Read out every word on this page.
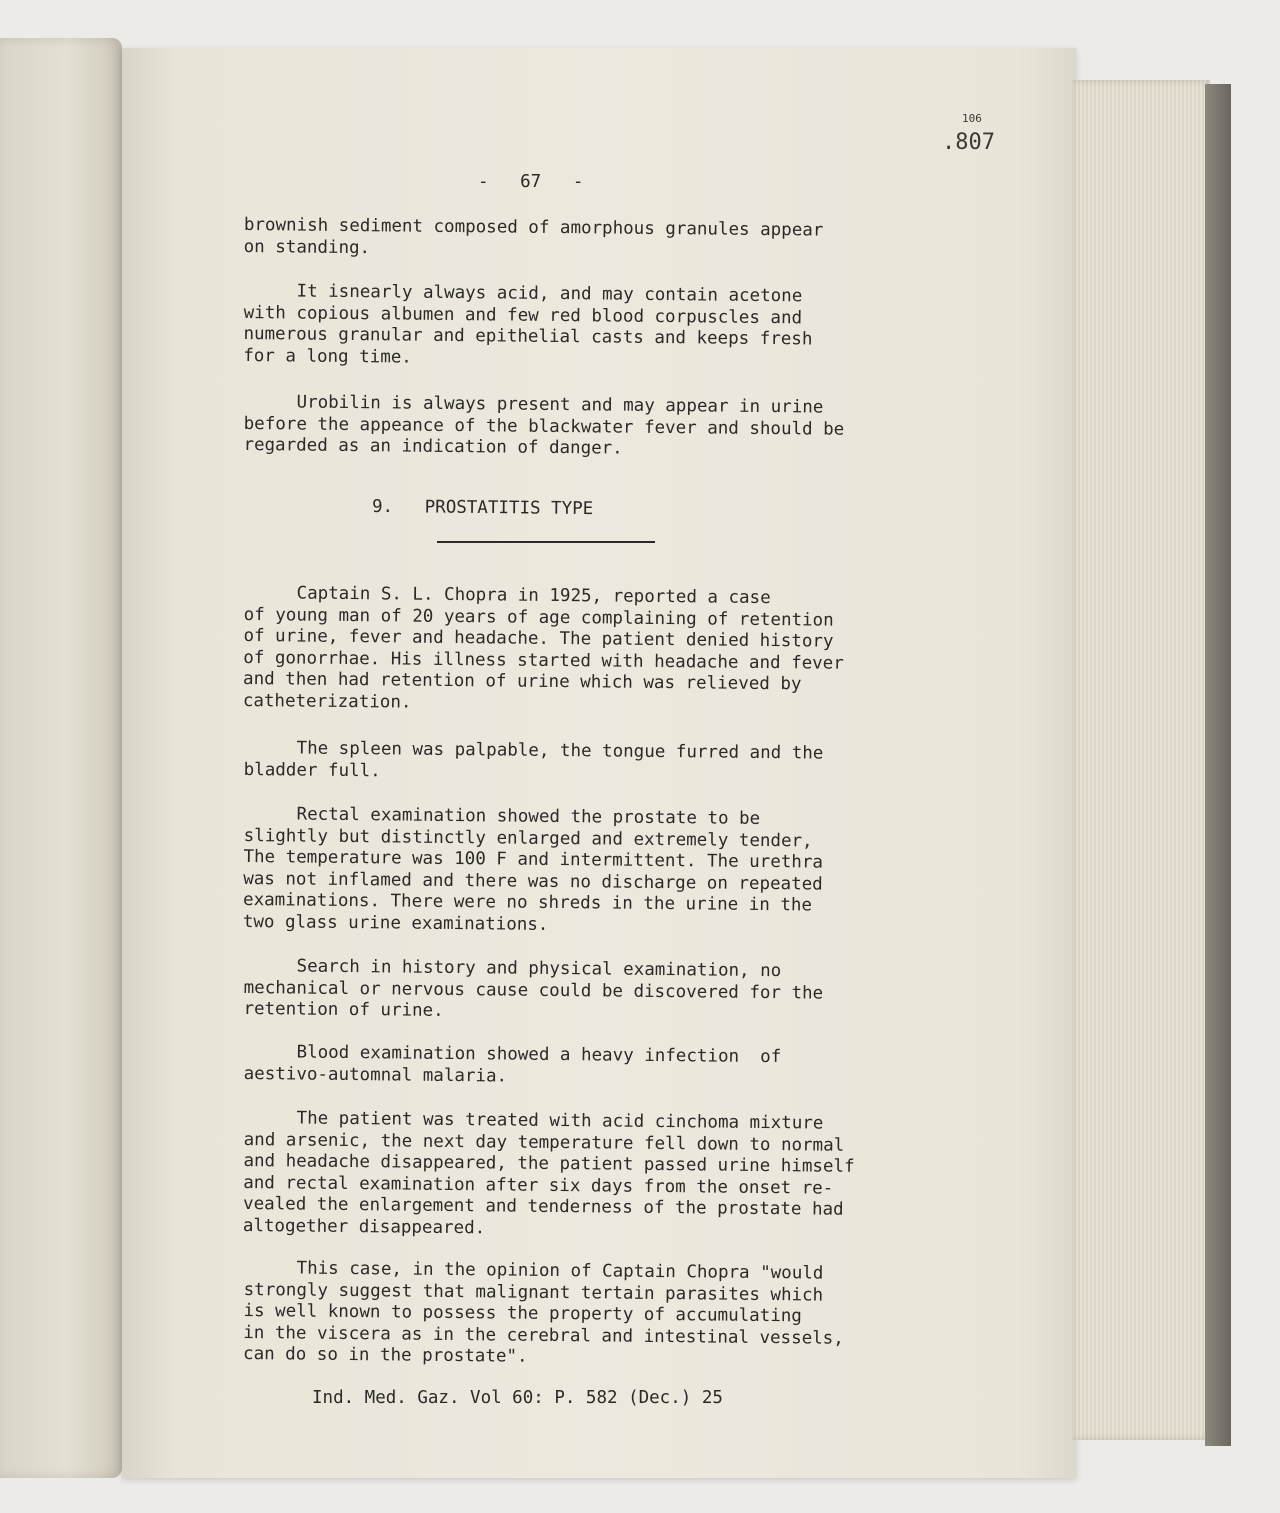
106
.807
-   67   -
brownish sediment composed of amorphous granules appear
on standing.
It isnearly always acid, and may contain acetone
with copious albumen and few red blood corpuscles and
numerous granular and epithelial casts and keeps fresh
for a long time.
Urobilin is always present and may appear in urine
before the appeance of the blackwater fever and should be
regarded as an indication of danger.
9.   PROSTATITIS TYPE
Captain S. L. Chopra in 1925, reported a case
of young man of 20 years of age complaining of retention
of urine, fever and headache. The patient denied history
of gonorrhae. His illness started with headache and fever
and then had retention of urine which was relieved by
catheterization.
The spleen was palpable, the tongue furred and the
bladder full.
Rectal examination showed the prostate to be
slightly but distinctly enlarged and extremely tender,
The temperature was 100 F and intermittent. The urethra
was not inflamed and there was no discharge on repeated
examinations. There were no shreds in the urine in the
two glass urine examinations.
Search in history and physical examination, no
mechanical or nervous cause could be discovered for the
retention of urine.
Blood examination showed a heavy infection  of
aestivo-automnal malaria.
The patient was treated with acid cinchoma mixture
and arsenic, the next day temperature fell down to normal
and headache disappeared, the patient passed urine himself
and rectal examination after six days from the onset re-
vealed the enlargement and tenderness of the prostate had
altogether disappeared.
This case, in the opinion of Captain Chopra "would
strongly suggest that malignant tertain parasites which
is well known to possess the property of accumulating
in the viscera as in the cerebral and intestinal vessels,
can do so in the prostate".
Ind. Med. Gaz. Vol 60: P. 582 (Dec.) 25
